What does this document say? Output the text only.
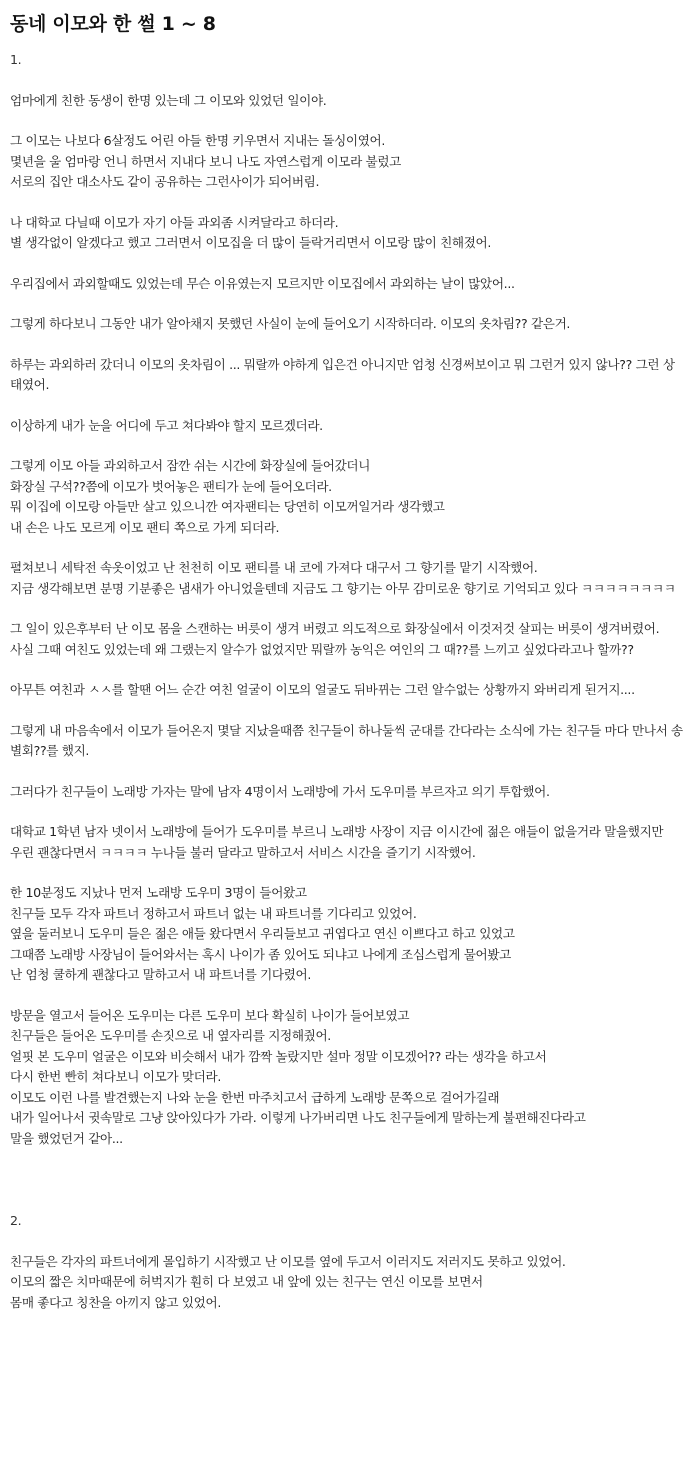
동네 이모와 한 썰 1 ~ 8

1.

엄마에게 친한 동생이 한명 있는데 그 이모와 있었던 일이야.

그 이모는 나보다 6살정도 어린 아들 한명 키우면서 지내는 돌싱이였어.
몇년을 울 엄마랑 언니 하면서 지내다 보니 나도 자연스럽게 이모라 불렀고
서로의 집안 대소사도 같이 공유하는 그런사이가 되어버림.

나 대학교 다닐때 이모가 자기 아들 과외좀 시켜달라고 하더라.
별 생각없이 알겠다고 했고 그러면서 이모집을 더 많이 들락거리면서 이모랑 많이 친해졌어.

우리집에서 과외할때도 있었는데 무슨 이유였는지 모르지만 이모집에서 과외하는 날이 많았어...

그렇게 하다보니 그동안 내가 알아채지 못했던 사실이 눈에 들어오기 시작하더라. 이모의 옷차림?? 같은거.

하루는 과외하러 갔더니 이모의 옷차림이 ... 뭐랄까 야하게 입은건 아니지만 엄청 신경써보이고 뭐 그런거 있지 않나?? 그런 상태였어.

이상하게 내가 눈을 어디에 두고 쳐다봐야 할지 모르겠더라.

그렇게 이모 아들 과외하고서 잠깐 쉬는 시간에 화장실에 들어갔더니
화장실 구석??쯤에 이모가 벗어놓은 팬티가 눈에 들어오더라.
뭐 이집에 이모랑 아들만 살고 있으니깐 여자팬티는 당연히 이모꺼일거라 생각했고
내 손은 나도 모르게 이모 팬티 쪽으로 가게 되더라.

펼쳐보니 세탁전 속옷이었고 난 천천히 이모 팬티를 내 코에 가져다 대구서 그 향기를 맡기 시작했어.
지금 생각해보면 분명 기분좋은 냄새가 아니었을텐데 지금도 그 향기는 아무 감미로운 향기로 기억되고 있다 ㅋㅋㅋㅋㅋㅋㅋㅋ

그 일이 있은후부터 난 이모 몸을 스캔하는 버릇이 생겨 버렸고 의도적으로 화장실에서 이것저것 살피는 버릇이 생겨버렸어.
사실 그때 여친도 있었는데 왜 그랬는지 알수가 없었지만 뭐랄까 농익은 여인의 그 때??를 느끼고 싶었다라고나 할까??

아무튼 여친과 ㅅㅅ를 할땐 어느 순간 여친 얼굴이 이모의 얼굴도 뒤바뀌는 그런 알수없는 상황까지 와버리게 된거지....

그렇게 내 마음속에서 이모가 들어온지 몇달 지났을때쯤 친구들이 하나둘씩 군대를 간다라는 소식에 가는 친구들 마다 만나서 송별회??를 했지.

그러다가 친구들이 노래방 가자는 말에 남자 4명이서 노래방에 가서 도우미를 부르자고 의기 투합했어.

대학교 1학년 남자 넷이서 노래방에 들어가 도우미를 부르니 노래방 사장이 지금 이시간에 젊은 애들이 없을거라 말을했지만
우린 괜찮다면서 ㅋㅋㅋㅋ 누나들 불러 달라고 말하고서 서비스 시간을 즐기기 시작했어.

한 10분정도 지났나 먼저 노래방 도우미 3명이 들어왔고
친구들 모두 각자 파트너 정하고서 파트너 없는 내 파트너를 기다리고 있었어.
옆을 둘러보니 도우미 들은 젊은 애들 왔다면서 우리들보고 귀엽다고 연신 이쁘다고 하고 있었고
그때쯤 노래방 사장님이 들어와서는 혹시 나이가 좀 있어도 되냐고 나에게 조심스럽게 물어봤고
난 엄청 쿨하게 괜찮다고 말하고서 내 파트너를 기다렸어.

방문을 열고서 들어온 도우미는 다른 도우미 보다 확실히 나이가 들어보였고
친구들은 들어온 도우미를 손짓으로 내 옆자리를 지정해줬어.
얼핏 본 도우미 얼굴은 이모와 비슷해서 내가 깜짝 놀랐지만 설마 정말 이모겠어?? 라는 생각을 하고서
다시 한번 빤히 쳐다보니 이모가 맞더라.
이모도 이런 나를 발견했는지 나와 눈을 한번 마주치고서 급하게 노래방 문쪽으로 걸어가길래
내가 일어나서 귓속말로 그냥 앉아있다가 가라. 이렇게 나가버리면 나도 친구들에게 말하는게 불편해진다라고
말을 했었던거 같아...

2.

친구들은 각자의 파트너에게 몰입하기 시작했고 난 이모를 옆에 두고서 이러지도 저러지도 못하고 있었어.
이모의 짧은 치마때문에 허벅지가 훤히 다 보였고 내 앞에 있는 친구는 연신 이모를 보면서
몸매 좋다고 칭찬을 아끼지 않고 있었어.
